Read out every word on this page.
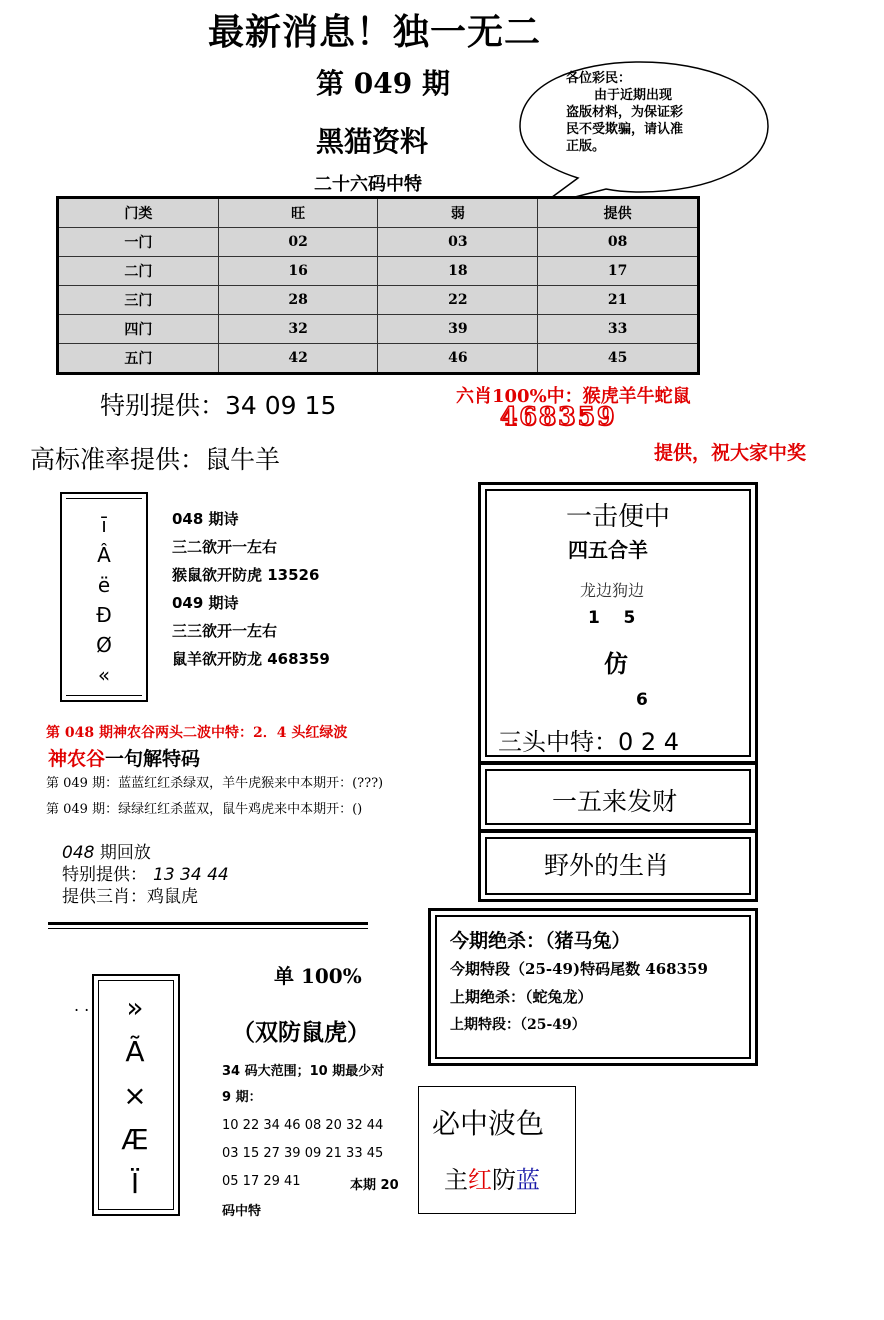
最新消息！独一无二
第 049 期
黑猫资料
二十六码中特
各位彩民：
由于近期出现
盗版材料，为保证彩
民不受欺骗，请认准
正版。
门类	旺	弱	提供
一门	02	03	08
二门	16	18	17
三门	28	22	21
四门	32	39	33
五门	42	46	45
特别提供：34 09 15	六肖100%中：猴虎羊牛蛇鼠
468359
提供，祝大家中奖
高标准率提供：鼠牛羊
ī
Â
ë
Ð
Ø
«
048 期诗
三二欲开一左右
猴鼠欲开防虎 13526
049 期诗
三三欲开一左右
鼠羊欲开防龙 468359
一击便中
四五合羊
龙边狗边
1    5
仿
6
三头中特：0 2 4
一五来发财
野外的生肖
第 048 期神农谷两头二波中特：2．4 头红绿波
神农谷一句解特码
第 049 期：蓝蓝红红杀绿双，羊牛虎猴来中本期开：(???)
第 049 期：绿绿红红杀蓝双，鼠牛鸡虎来中本期开：()
048 期回放
特别提供： 13 34 44
提供三肖：鸡鼠虎
今期绝杀：（猪马兔）
今期特段（25-49)特码尾数 468359
上期绝杀：（蛇兔龙）
上期特段：（25-49）
. . »
Ã
×
Æ
Ï
单 100%
（双防鼠虎）
34 码大范围；10 期最少对
9 期：
10 22 34 46 08 20 32 44
03 15 27 39 09 21 33 45
05 17 29 41	本期 20
码中特
必中波色
主红防蓝
